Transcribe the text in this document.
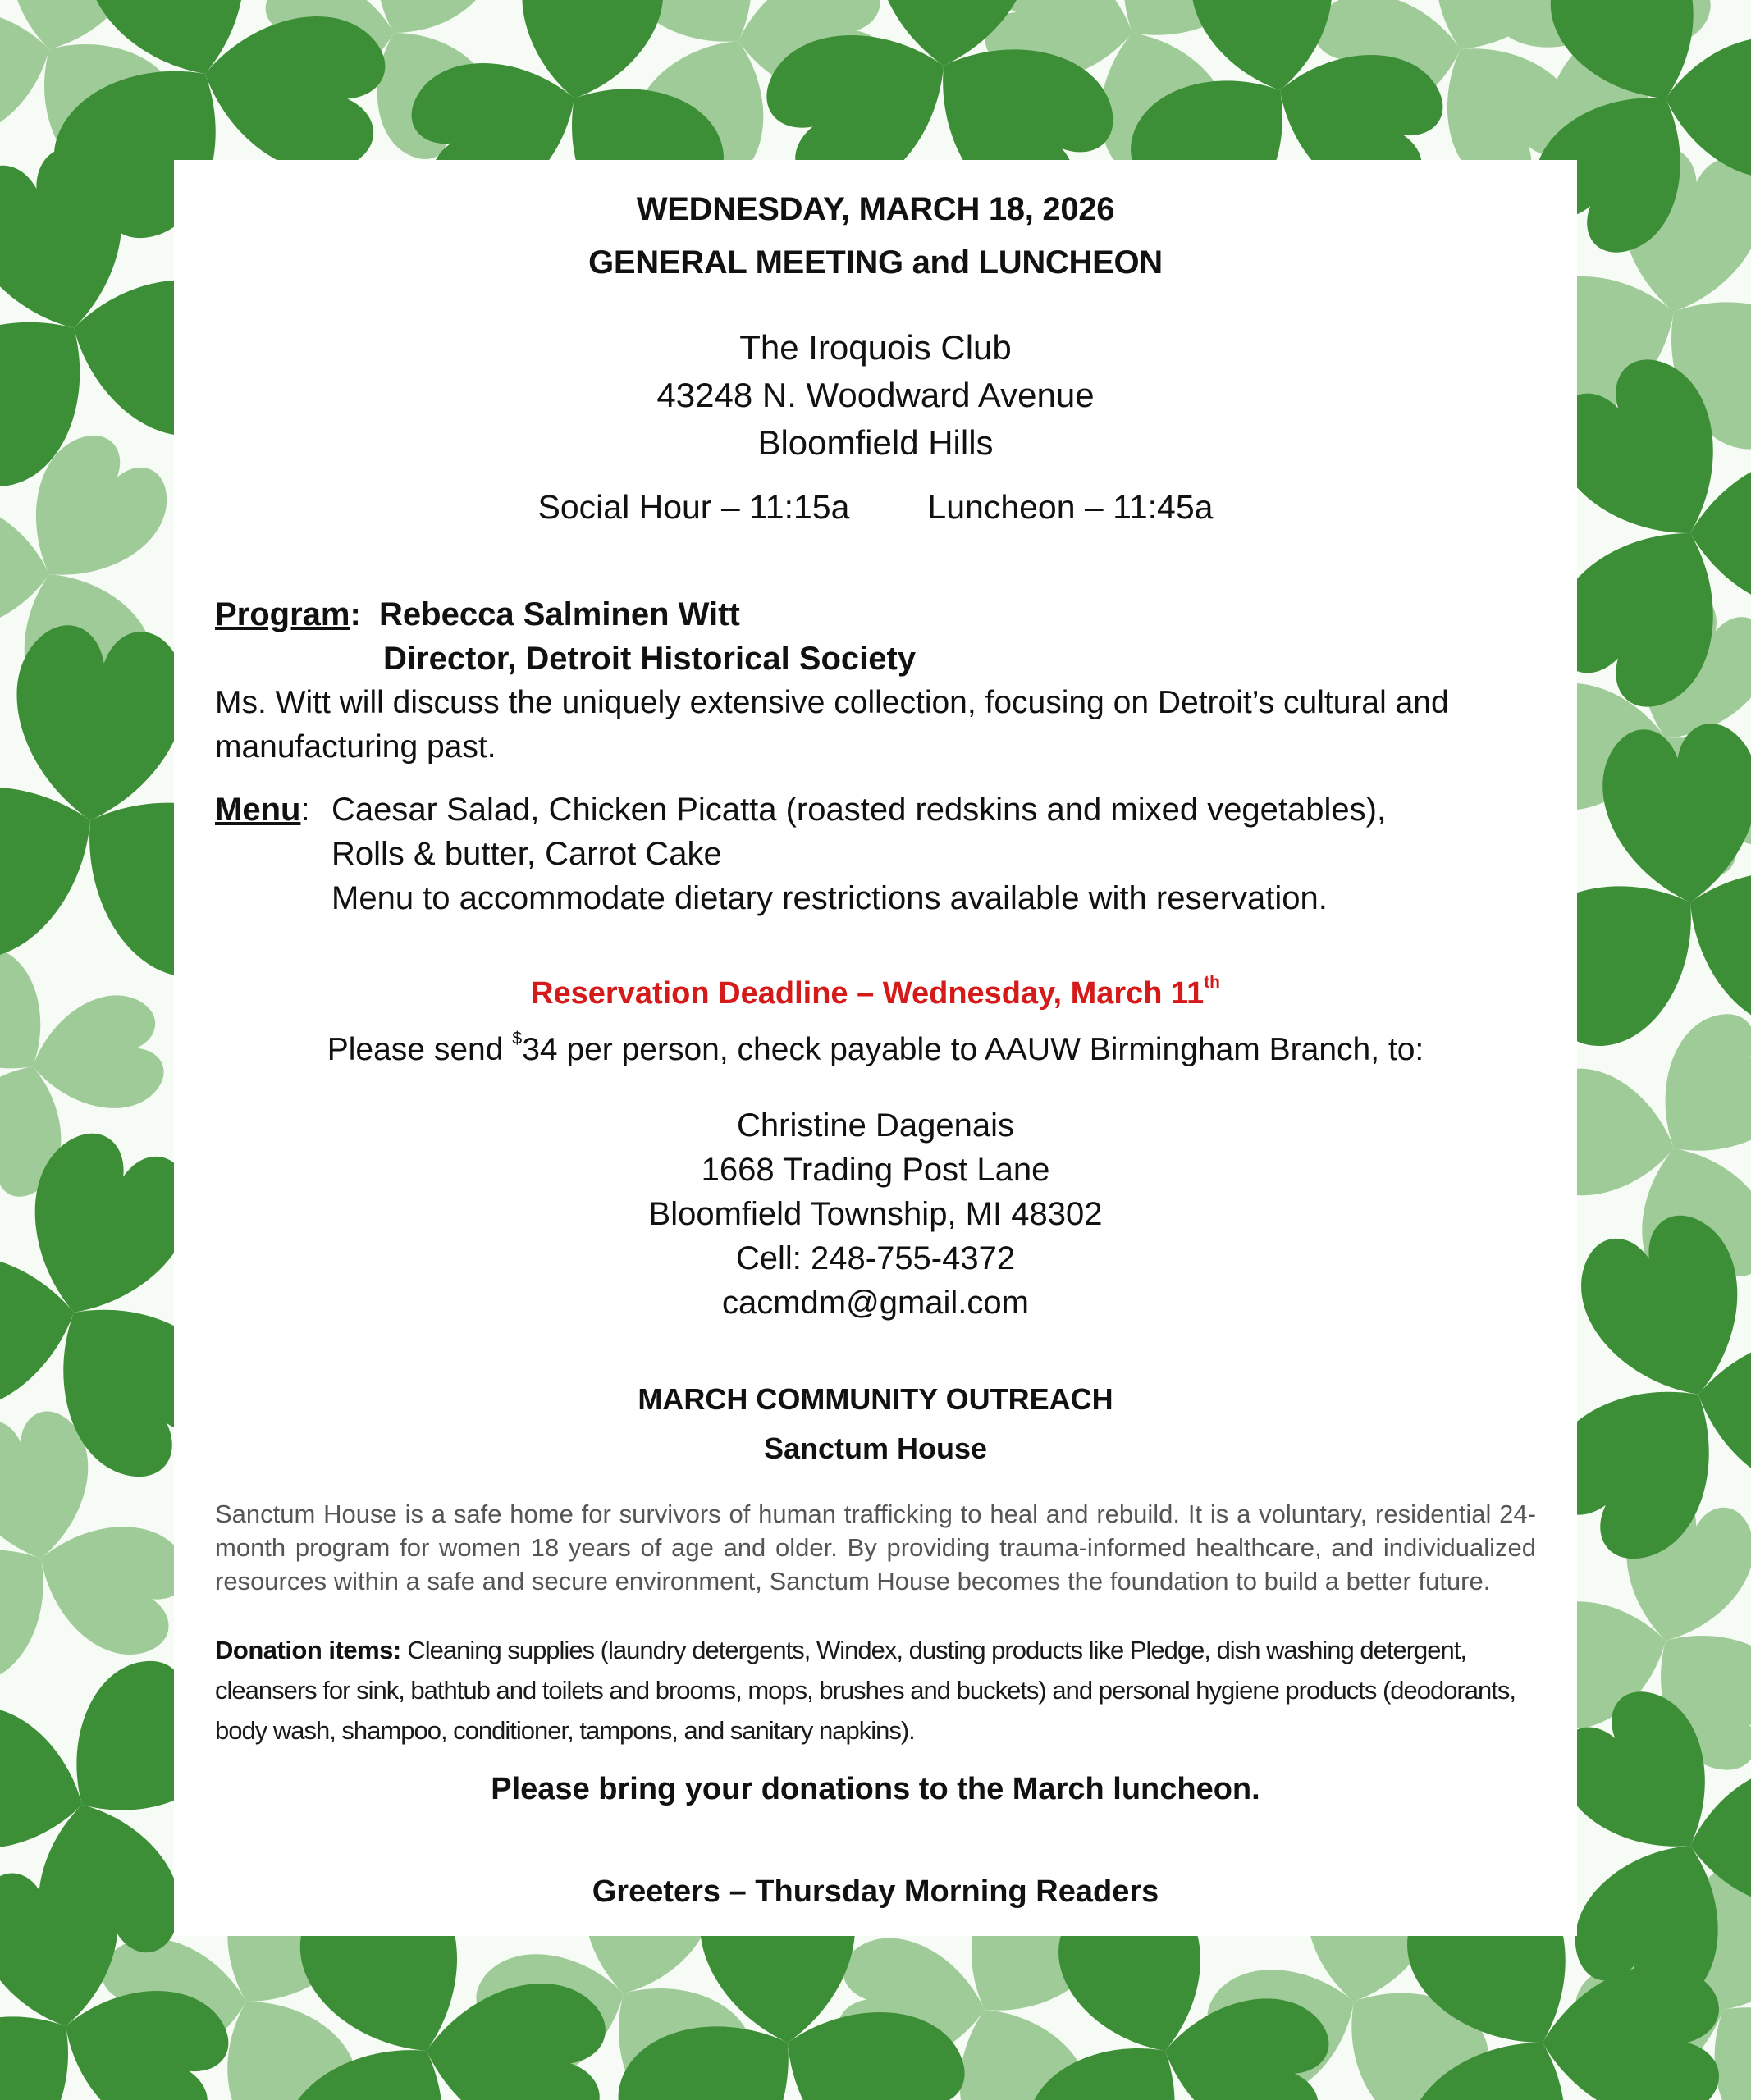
WEDNESDAY, MARCH 18, 2026
GENERAL MEETING and LUNCHEON
The Iroquois Club
43248 N. Woodward Avenue
Bloomfield Hills
Social Hour – 11:15a Luncheon – 11:45a
Program:  Rebecca Salminen Witt
Director, Detroit Historical Society
Ms. Witt will discuss the uniquely extensive collection, focusing on Detroit’s cultural and manufacturing past.
Menu: Caesar Salad, Chicken Picatta (roasted redskins and mixed vegetables),
Rolls & butter, Carrot Cake
Menu to accommodate dietary restrictions available with reservation.
Reservation Deadline – Wednesday, March 11th
Please send $34 per person, check payable to AAUW Birmingham Branch, to:
Christine Dagenais
1668 Trading Post Lane
Bloomfield Township, MI 48302
Cell: 248-755-4372
cacmdm@gmail.com
MARCH COMMUNITY OUTREACH
Sanctum House
Sanctum House is a safe home for survivors of human trafficking to heal and rebuild. It is a voluntary, residential 24-month program for women 18 years of age and older. By providing trauma-informed healthcare, and individualized resources within a safe and secure environment, Sanctum House becomes the foundation to build a better future.
Donation items: Cleaning supplies (laundry detergents, Windex, dusting products like Pledge, dish washing detergent, cleansers for sink, bathtub and toilets and brooms, mops, brushes and buckets) and personal hygiene products (deodorants, body wash, shampoo, conditioner, tampons, and sanitary napkins).
Please bring your donations to the March luncheon.
Greeters – Thursday Morning Readers
